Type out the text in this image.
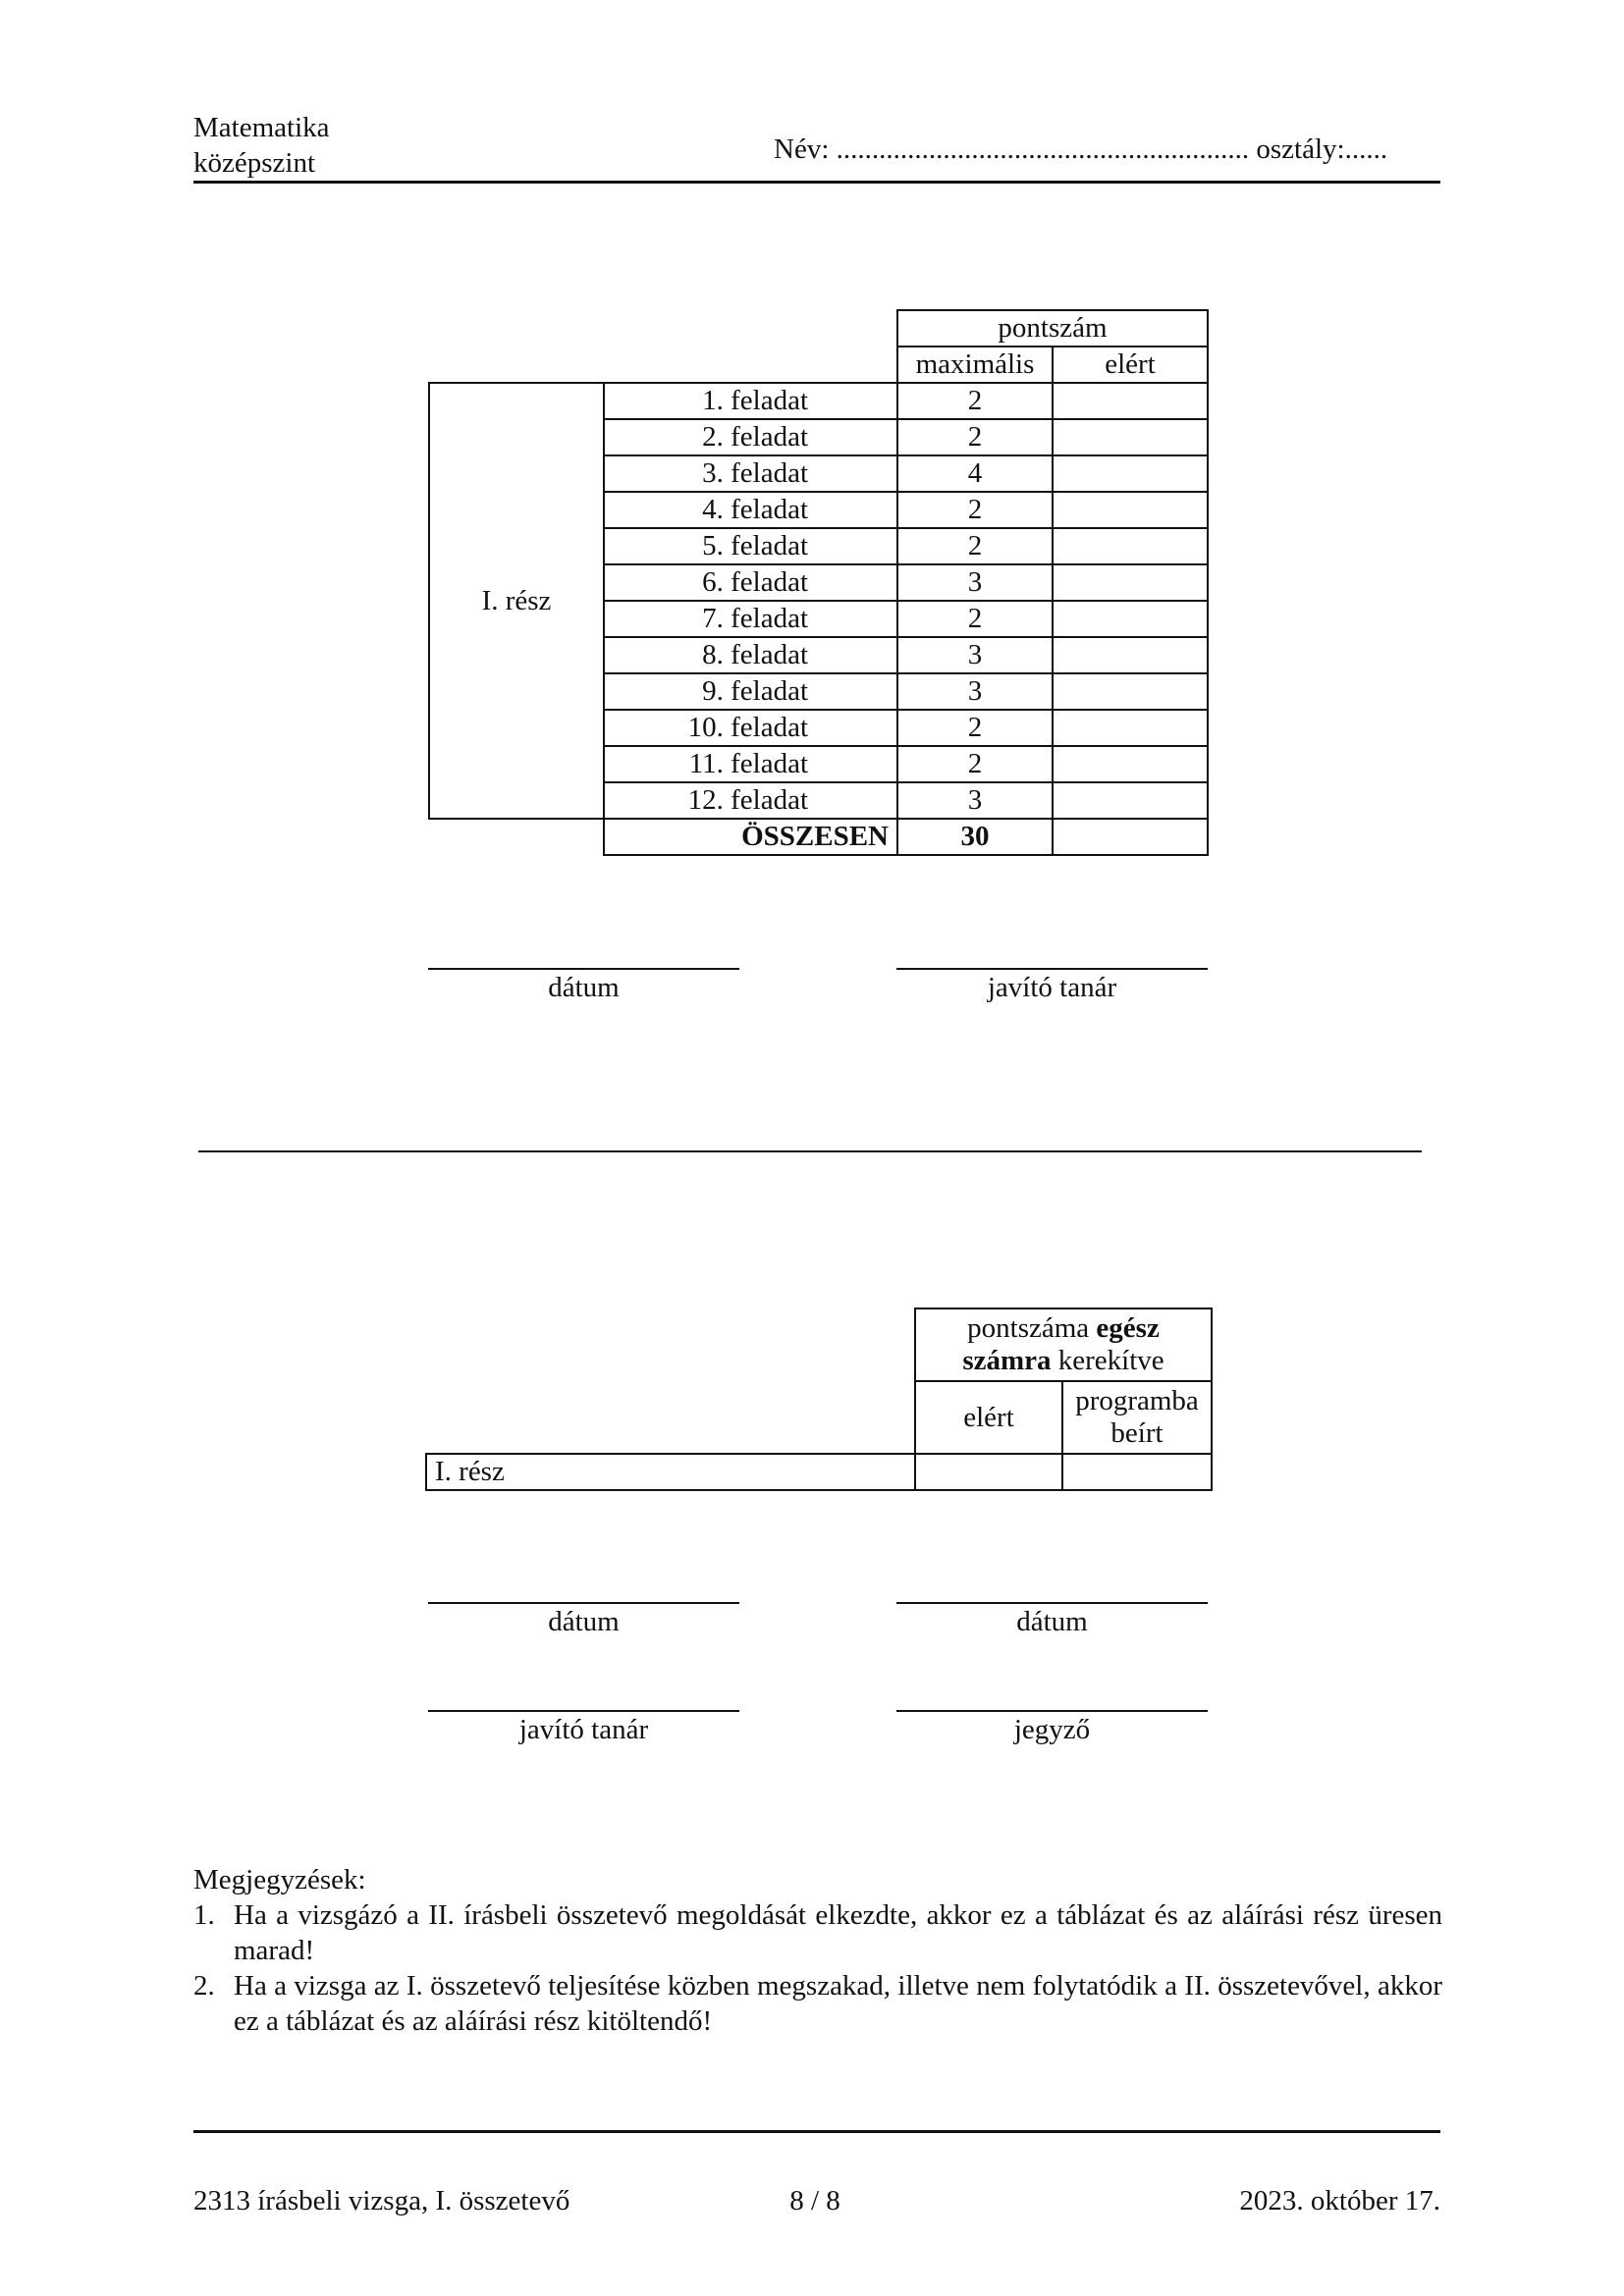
Matematika
középszint	Név: .......................................................... osztály:......
		pontszám	
		maximális	elért
I. rész	1. feladat	2	
	2. feladat	2	
	3. feladat	4	
	4. feladat	2	
	5. feladat	2	
	6. feladat	3	
	7. feladat	2	
	8. feladat	3	
	9. feladat	3	
	10. feladat	2	
	11. feladat	2	
	12. feladat	3	
	ÖSSZESEN	30	
dátum	javító tanár
	pontszáma egész
számra kerekítve	
	elért	programba
beírt
I. rész		
dátum	dátum
javító tanár	jegyző
Megjegyzések:
1. Ha a vizsgázó a II. írásbeli összetevő megoldását elkezdte, akkor ez a táblázat és az aláírási rész üresen marad!
2. Ha a vizsga az I. összetevő teljesítése közben megszakad, illetve nem folytatódik a II. összetevővel, akkor ez a táblázat és az aláírási rész kitöltendő!
2313 írásbeli vizsga, I. összetevő	8 / 8	2023. október 17.
